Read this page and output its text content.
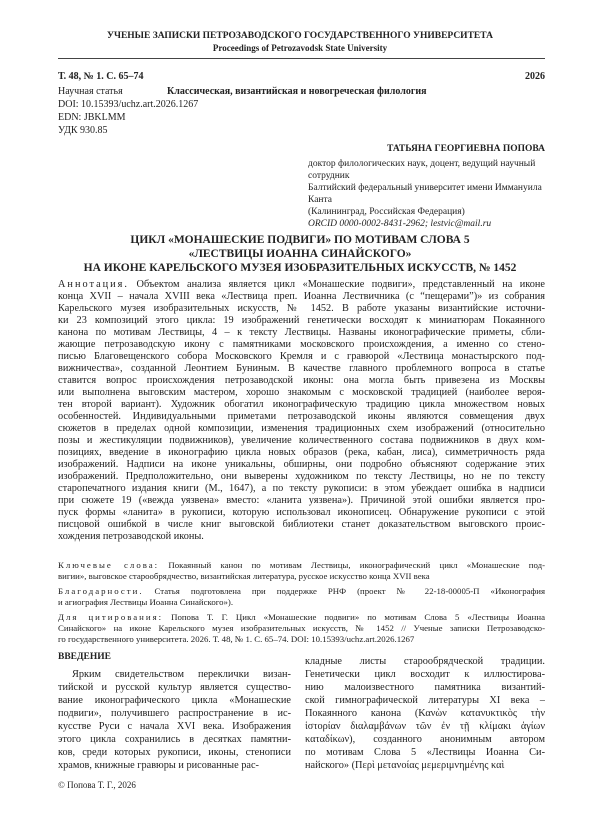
УЧЕНЫЕ ЗАПИСКИ ПЕТРОЗАВОДСКОГО ГОСУДАРСТВЕННОГО УНИВЕРСИТЕТА
Proceedings of Petrozavodsk State University
Т. 48, № 1. С. 65–74	2026
Научная статья	Классическая, византийская и новогреческая филология
DOI: 10.15393/uchz.art.2026.1267
EDN: JBKLMM
УДК 930.85
ТАТЬЯНА ГЕОРГИЕВНА ПОПОВА
доктор филологических наук, доцент, ведущий научный
сотрудник
Балтийский федеральный университет имени Иммануила
Канта
(Калининград, Российская Федерация)
ORCID 0000-0002-8431-2962; lestvic@mail.ru
ЦИКЛ «МОНАШЕСКИЕ ПОДВИГИ» ПО МОТИВАМ СЛОВА 5
«ЛЕСТВИЦЫ ИОАННА СИНАЙСКОГО»
НА ИКОНЕ КАРЕЛЬСКОГО МУЗЕЯ ИЗОБРАЗИТЕЛЬНЫХ ИСКУССТВ, № 1452
Аннотация. Объектом анализа является цикл «Монашеские подвиги», представленный на иконе
конца XVII – начала XVIII века «Лествица преп. Иоанна Лествичника (с “пещерами”)» из собрания
Карельского музея изобразительных искусств, № 1452. В работе указаны византийские источни-
ки 23 композиций этого цикла: 19 изображений генетически восходят к миниатюрам Покаянного
канона по мотивам Лествицы, 4 – к тексту Лествицы. Названы иконографические приметы, сбли-
жающие петрозаводскую икону с памятниками московского происхождения, а именно со стено-
писью Благовещенского собора Московского Кремля и с гравюрой «Лествица монастырского под-
вижничества», созданной Леонтием Буниным. В качестве главного проблемного вопроса в статье
ставится вопрос происхождения петрозаводской иконы: она могла быть привезена из Москвы
или выполнена выговским мастером, хорошо знакомым с московской традицией (наиболее вероя-
тен второй вариант). Художник обогатил иконографическую традицию цикла множеством новых
особенностей. Индивидуальными приметами петрозаводской иконы являются совмещения двух
сюжетов в пределах одной композиции, изменения традиционных схем изображений (относительно
позы и жестикуляции подвижников), увеличение количественного состава подвижников в двух ком-
позициях, введение в иконографию цикла новых образов (река, кабан, лиса), симметричность ряда
изображений. Надписи на иконе уникальны, обширны, они подробно объясняют содержание этих
изображений. Предположительно, они выверены художником по тексту Лествицы, но не по тексту
старопечатного издания книги (М., 1647), а по тексту рукописи: в этом убеждает ошибка в надписи
при сюжете 19 («вежда уязвена» вместо: «ланита уязвена»). Причиной этой ошибки является про-
пуск формы «ланита» в рукописи, которую использовал иконописец. Обнаружение рукописи с этой
писцовой ошибкой в числе книг выговской библиотеки станет доказательством выговского проис-
хождения петрозаводской иконы.
Ключевые слова: Покаянный канон по мотивам Лествицы, иконографический цикл «Монашеские под-
вигии», выговское старообрядчество, византийская литература, русское искусство конца XVII века
Благодарности. Статья подготовлена при поддержке РНФ (проект № 22-18-00005-П «Иконография
и агиография Лествицы Иоанна Синайского»).
Для цитирования: Попова Т. Г. Цикл «Монашеские подвиги» по мотивам Слова 5 «Лествицы Иоанна
Синайского» на иконе Карельского музея изобразительных искусств, № 1452 // Ученые записки Петрозаводско-
го государственного университета. 2026. Т. 48, № 1. С. 65–74. DOI: 10.15393/uchz.art.2026.1267
ВВЕДЕНИЕ
Ярким свидетельством переклички визан-
тийской и русской культур является существо-
вание иконографического цикла «Монашеские
подвиги», получившего распространение в ис-
кусстве Руси с начала XVI века. Изображения
этого цикла сохранились в десятках памятни-
ков, среди которых рукописи, иконы, стенописи
храмов, книжные гравюры и рисованные рас-
кладные листы старообрядческой традиции.
Генетически цикл восходит к иллюстирова-
нию малоизвестного памятника византий-
ской гимнографической литературы XI века –
Покаянного канона (Κανὼν κατανυκτικὸς τὴν
ἱστορίαν διαλαμβάνων τῶν ἐν τῇ κλίμακι ἁγίων
καταδίκων), созданного анонимным автором
по мотивам Слова 5 «Лествицы Иоанна Си-
найского» (Περὶ μετανοίας μεμεριμνημένης καὶ
© Попова Т. Г., 2026
